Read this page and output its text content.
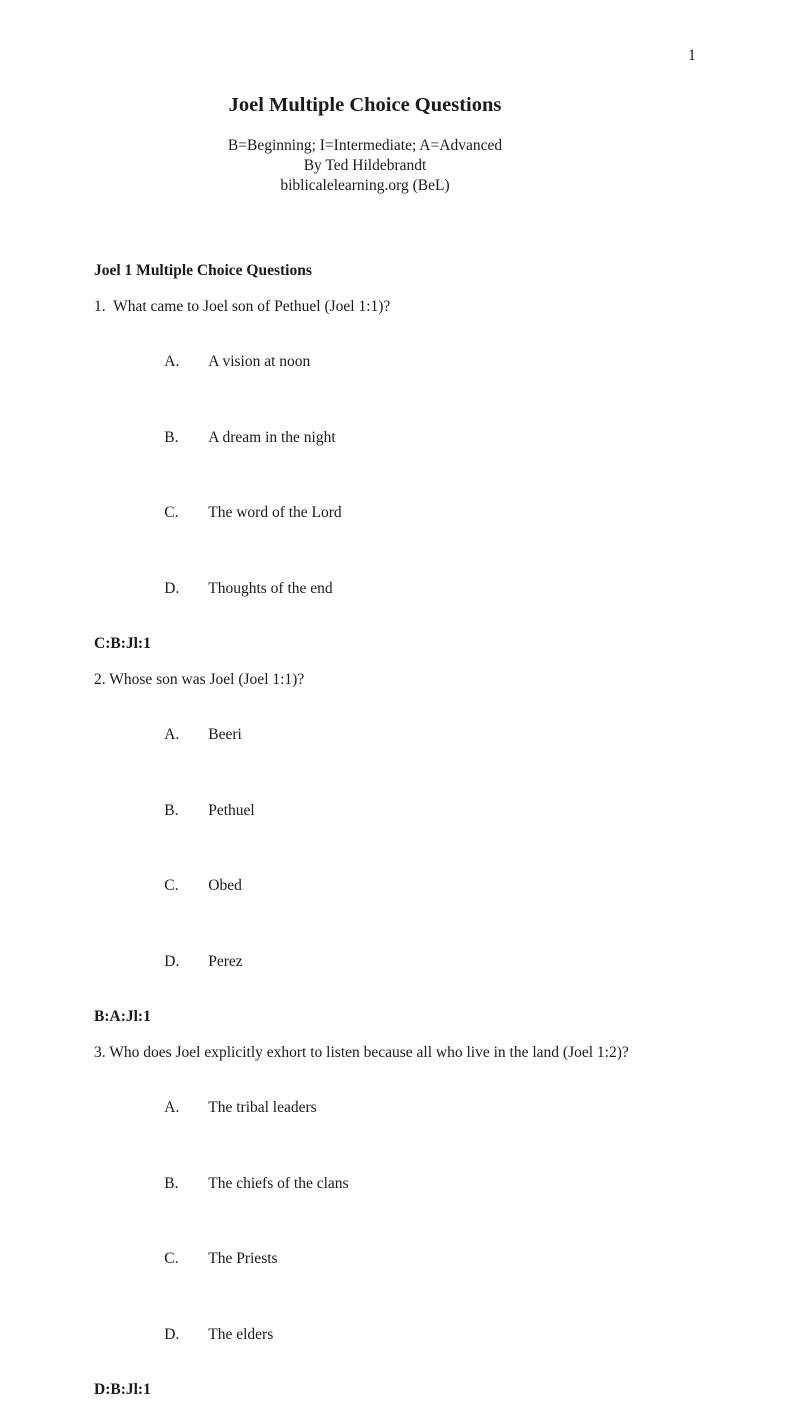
1
Joel Multiple Choice Questions
B=Beginning; I=Intermediate; A=Advanced
By Ted Hildebrandt
biblicalelearning.org (BeL)
Joel 1 Multiple Choice Questions
1.  What came to Joel son of Pethuel (Joel 1:1)?

A. A vision at noon

B. A dream in the night

C. The word of the Lord

D. Thoughts of the end

C:B:Jl:1
2. Whose son was Joel (Joel 1:1)?

A. Beeri

B. Pethuel

C. Obed

D. Perez

B:A:Jl:1
3. Who does Joel explicitly exhort to listen because all who live in the land (Joel 1:2)?

A. The tribal leaders

B. The chiefs of the clans

C. The Priests

D. The elders

D:B:Jl:1
